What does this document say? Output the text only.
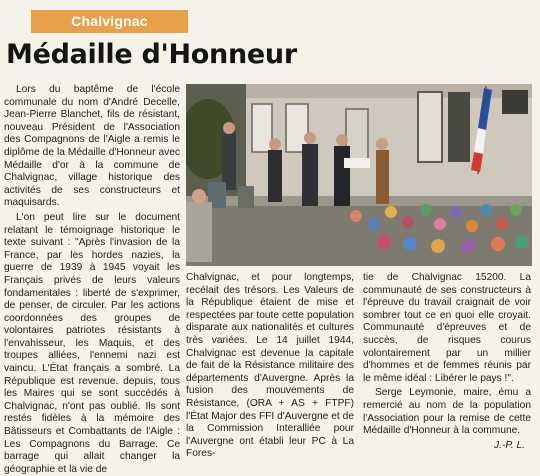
Chalvignac
Médaille d'Honneur

Lors du baptême de l'école communale du nom d'André Decelle, Jean-Pierre Blanchet, fils de résistant, nouveau Président de l'Association des Compagnons de l'Aigle a remis le diplôme de la Médaille d'Honneur avec Médaille d'or à la commune de Chalvignac, village historique des activités de ses constructeurs et maquisards.

L'on peut lire sur le document relatant le témoignage historique le texte suivant : "Après l'invasion de la France, par les hordes nazies, la guerre de 1939 à 1945 voyait les Français privés de leurs valeurs fondamentales : liberté de s'exprimer, de penser, de circuler. Par les actions coordonnées des groupes de volontaires patriotes résistants à l'envahisseur, les Maquis, et des troupes alliées, l'ennemi nazi est vaincu. L'État français a sombré. La République est revenue. depuis, tous les Maires qui se sont succédés à Chalvignac, n'ont pas oublié. Ils sont restés fidèles à la mémoire des Bâtisseurs et Combattants de l'Aigle : Les Compagnons du Barrage. Ce barrage qui allait changer la géographie et la vie de

Chalvignac, et pour longtemps, recélait des trésors. Les Valeurs de la République étaient de mise et respectées par toute cette population disparate aux nationalités et cultures très variées. Le 14 juillet 1944, Chalvignac est devenue la capitale de fait de la Résistance militaire des départements d'Auvergne. Après la fusion des mouvements de Résistance, (ORA + AS + FTPF) l'État Major des FFI d'Auvergne et de la Commission Interalliée pour l'Auvergne ont établi leur PC à La Fores-

tie de Chalvignac 15200. La communauté de ses constructeurs à l'épreuve du travail craignait de voir sombrer tout ce en quoi elle croyait. Communauté d'épreuves et de succès, de risques courus volontairement par un millier d'hommes et de femmes réunis par le même idéal : Libérer le pays !".

Serge Leymonie, maire, ému a remercié au nom de la population l'Association pour la remise de cette Médaille d'Honneur à la commune.

J.-P. L.
